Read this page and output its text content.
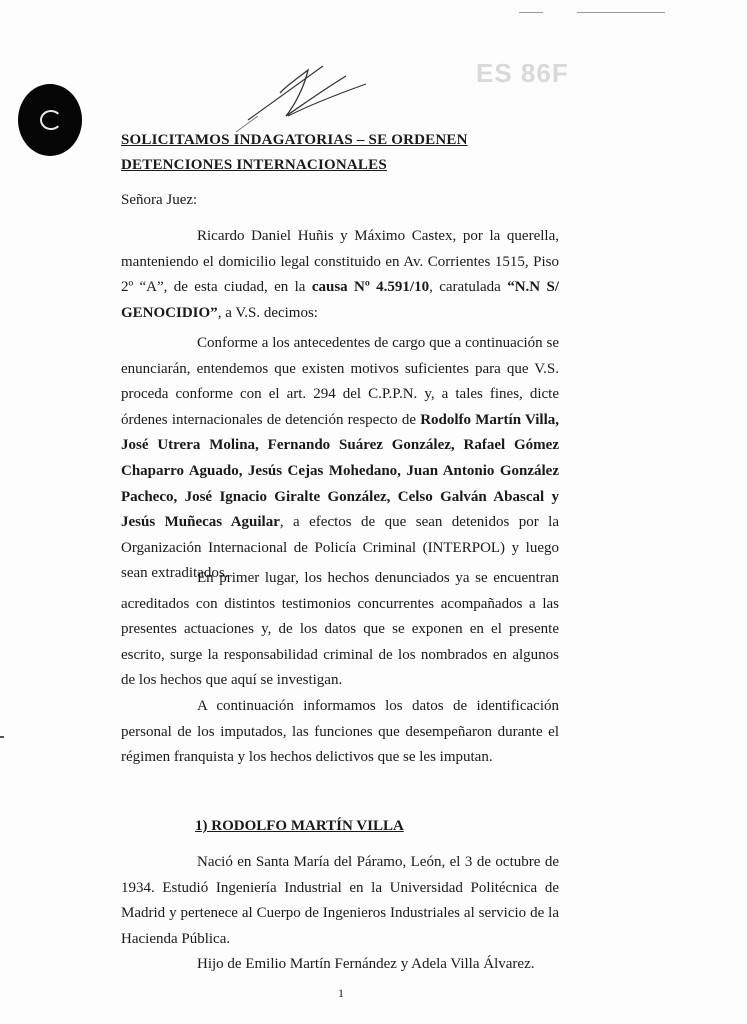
ES 86F
SOLICITAMOS INDAGATORIAS – SE ORDENEN DETENCIONES INTERNACIONALES
Señora Juez:
Ricardo Daniel Huñis y Máximo Castex, por la querella, manteniendo el domicilio legal constituido en Av. Corrientes 1515, Piso 2º “A”, de esta ciudad, en la causa Nº 4.591/10, caratulada “N.N S/ GENOCIDIO”, a V.S. decimos:
Conforme a los antecedentes de cargo que a continuación se enunciarán, entendemos que existen motivos suficientes para que V.S. proceda conforme con el art. 294 del C.P.P.N. y, a tales fines, dicte órdenes internacionales de detención respecto de Rodolfo Martín Villa, José Utrera Molina, Fernando Suárez González, Rafael Gómez Chaparro Aguado, Jesús Cejas Mohedano, Juan Antonio González Pacheco, José Ignacio Giralte González, Celso Galván Abascal y Jesús Muñecas Aguilar, a efectos de que sean detenidos por la Organización Internacional de Policía Criminal (INTERPOL) y luego sean extraditados.
En primer lugar, los hechos denunciados ya se encuentran acreditados con distintos testimonios concurrentes acompañados a las presentes actuaciones y, de los datos que se exponen en el presente escrito, surge la responsabilidad criminal de los nombrados en algunos de los hechos que aquí se investigan.
A continuación informamos los datos de identificación personal de los imputados, las funciones que desempeñaron durante el régimen franquista y los hechos delictivos que se les imputan.
1) RODOLFO MARTÍN VILLA
Nació en Santa María del Páramo, León, el 3 de octubre de 1934. Estudió Ingeniería Industrial en la Universidad Politécnica de Madrid y pertenece al Cuerpo de Ingenieros Industriales al servicio de la Hacienda Pública.
Hijo de Emilio Martín Fernández y Adela Villa Álvarez.
1
